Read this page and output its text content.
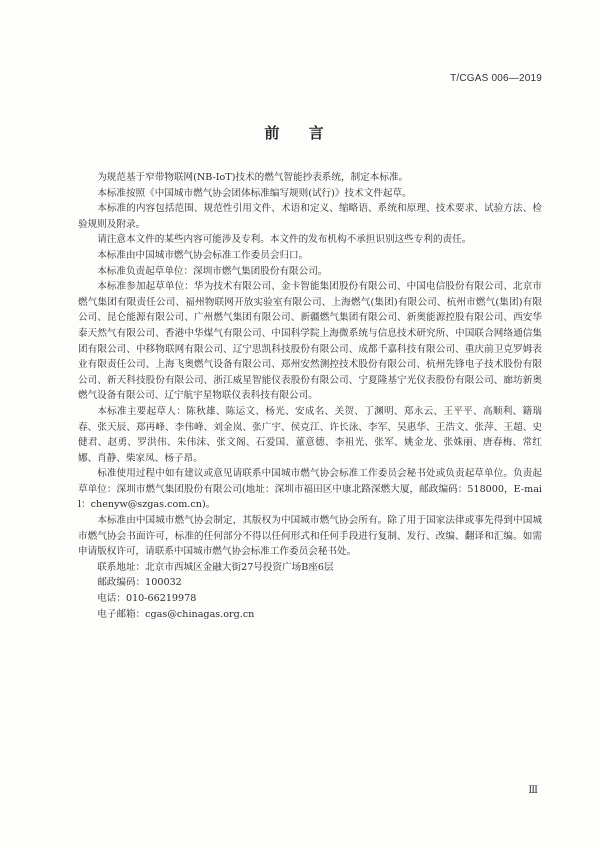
T/CGAS 006—2019
前 言

为规范基于窄带物联网(NB-IoT)技术的燃气智能抄表系统，制定本标准。

本标准按照《中国城市燃气协会团体标准编写规则(试行)》技术文件起草。

本标准的内容包括范围、规范性引用文件、术语和定义、缩略语、系统和原理、技术要求、试验方法、检验规则及附录。

请注意本文件的某些内容可能涉及专利。本文件的发布机构不承担识别这些专利的责任。

本标准由中国城市燃气协会标准工作委员会归口。

本标准负责起草单位：深圳市燃气集团股份有限公司。

本标准参加起草单位：华为技术有限公司、金卡智能集团股份有限公司、中国电信股份有限公司、北京市燃气集团有限责任公司、福州物联网开放实验室有限公司、上海燃气(集团)有限公司、杭州市燃气(集团)有限公司、昆仑能源有限公司、广州燃气集团有限公司、新疆燃气集团有限公司、新奥能源控股有限公司、西安华泰天然气有限公司、香港中华煤气有限公司、中国科学院上海微系统与信息技术研究所、中国联合网络通信集团有限公司、中移物联网有限公司、辽宁思凯科技股份有限公司、成都千嘉科技有限公司、重庆前卫克罗姆表业有限责任公司、上海飞奥燃气设备有限公司、郑州安然测控技术股份有限公司、杭州先锋电子技术股份有限公司、新天科技股份有限公司、浙江威星智能仪表股份有限公司、宁夏隆基宁光仪表股份有限公司、廊坊新奥燃气设备有限公司、辽宁航宇星物联仪表科技有限公司。

本标准主要起草人：陈秋雄、陈运文、杨光、安成名、关贺、丁渊明、郑永云、王平平、高顺利、籍瑞春、张天辰、郑再峰、李伟峰、刘金岚、张广宇、侯克江、许长泳、李军、吴惠华、王浩文、张萍、王超、史健君、赵勇、罗洪伟、朱伟沫、张文阁、石爱国、董意德、李祖光、张军、姚金龙、张姝丽、唐春梅、常红娜、肖静、柴家凤、杨子昂。

标准使用过程中如有建议或意见请联系中国城市燃气协会标准工作委员会秘书处或负责起草单位。负责起草单位：深圳市燃气集团股份有限公司(地址：深圳市福田区中康北路深燃大厦，邮政编码：518000，E-mail：chenyw@szgas.com.cn)。

本标准由中国城市燃气协会制定，其版权为中国城市燃气协会所有。除了用于国家法律或事先得到中国城市燃气协会书面许可，标准的任何部分不得以任何形式和任何手段进行复制、发行、改编、翻译和汇编。如需申请版权许可，请联系中国城市燃气协会标准工作委员会秘书处。

联系地址：北京市西城区金融大街27号投资广场B座6层

邮政编码：100032

电话：010-66219978

电子邮箱：cgas@chinagas.org.cn

Ⅲ
